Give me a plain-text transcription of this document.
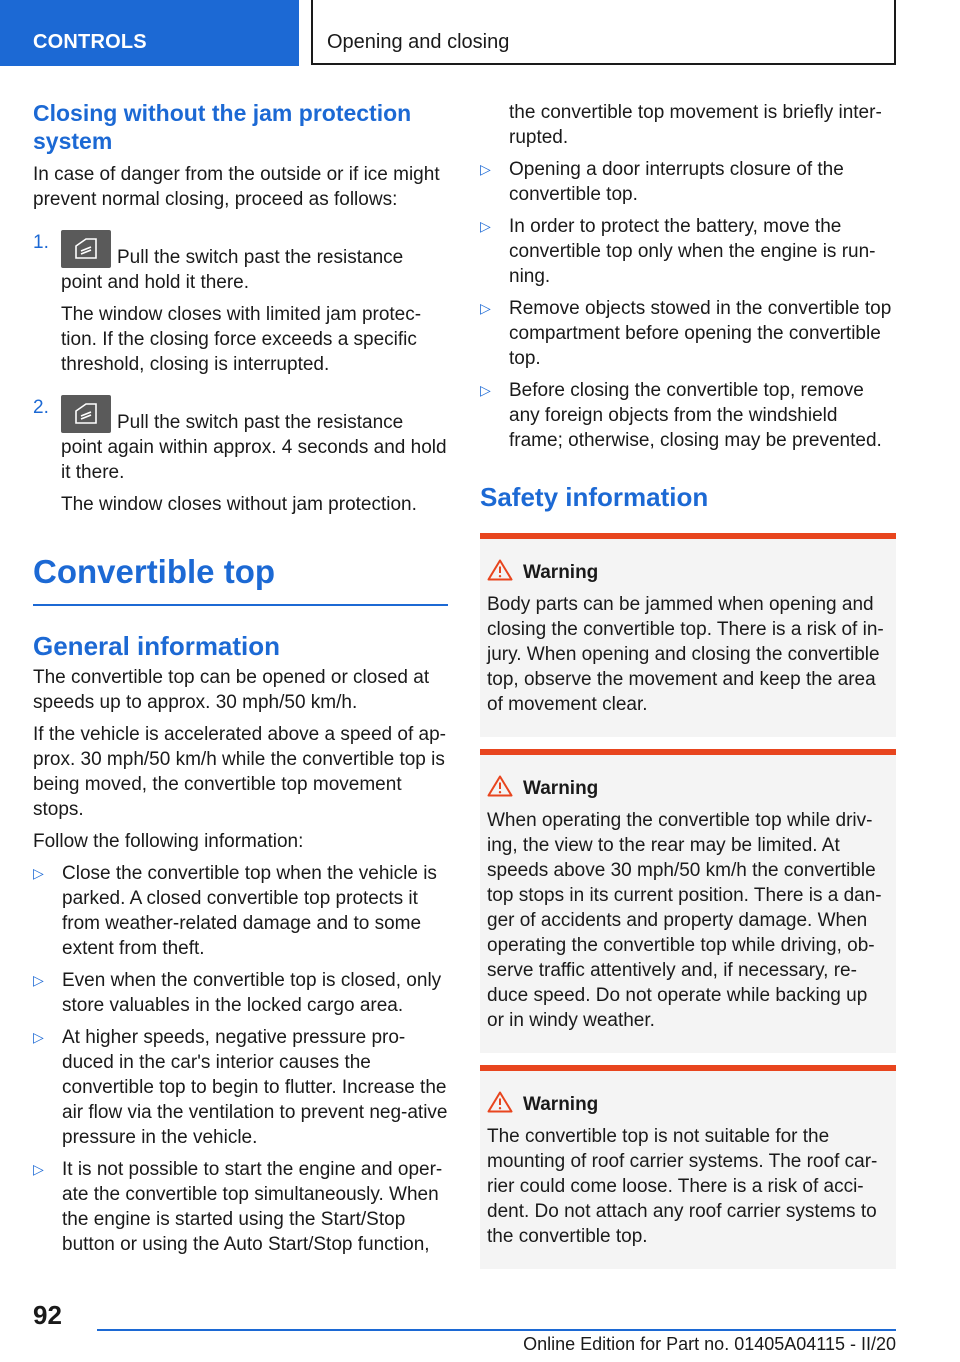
CONTROLS	Opening and closing
Closing without the jam protection system

In case of danger from the outside or if ice might prevent normal closing, proceed as follows:

1.

Pull the switch past the resistance point and hold it there.

The window closes with limited jam protec-tion. If the closing force exceeds a specific threshold, closing is interrupted.

2.

Pull the switch past the resistance point again within approx. 4 seconds and hold it there.

The window closes without jam protection.

Convertible top
General information

The convertible top can be opened or closed at speeds up to approx. 30 mph/50 km/h.

If the vehicle is accelerated above a speed of ap-prox. 30 mph/50 km/h while the convertible top is being moved, the convertible top movement stops.

Follow the following information:

▷ Close the convertible top when the vehicle is parked. A closed convertible top protects it from weather-related damage and to some extent from theft.

▷ Even when the convertible top is closed, only store valuables in the locked cargo area.

▷ At higher speeds, negative pressure pro-duced in the car's interior causes the convertible top to begin to flutter. Increase the air flow via the ventilation to prevent neg-ative pressure in the vehicle.

▷ It is not possible to start the engine and oper-ate the convertible top simultaneously. When the engine is started using the Start/Stop button or using the Auto Start/Stop function,

the convertible top movement is briefly inter-rupted.

▷ Opening a door interrupts closure of the convertible top.

▷ In order to protect the battery, move the convertible top only when the engine is run-ning.

▷ Remove objects stowed in the convertible top compartment before opening the convertible top.

▷ Before closing the convertible top, remove any foreign objects from the windshield frame; otherwise, closing may be prevented.

Safety information
Warning

Body parts can be jammed when opening and closing the convertible top. There is a risk of in-jury. When opening and closing the convertible top, observe the movement and keep the area of movement clear.

Warning

When operating the convertible top while driv-ing, the view to the rear may be limited. At speeds above 30 mph/50 km/h the convertible top stops in its current position. There is a dan-ger of accidents and property damage. When operating the convertible top while driving, ob-serve traffic attentively and, if necessary, re-duce speed. Do not operate while backing up or in windy weather.

Warning

The convertible top is not suitable for the mounting of roof carrier systems. The roof car-rier could come loose. There is a risk of acci-dent. Do not attach any roof carrier systems to the convertible top.

92
Online Edition for Part no. 01405A04115 - II/20
